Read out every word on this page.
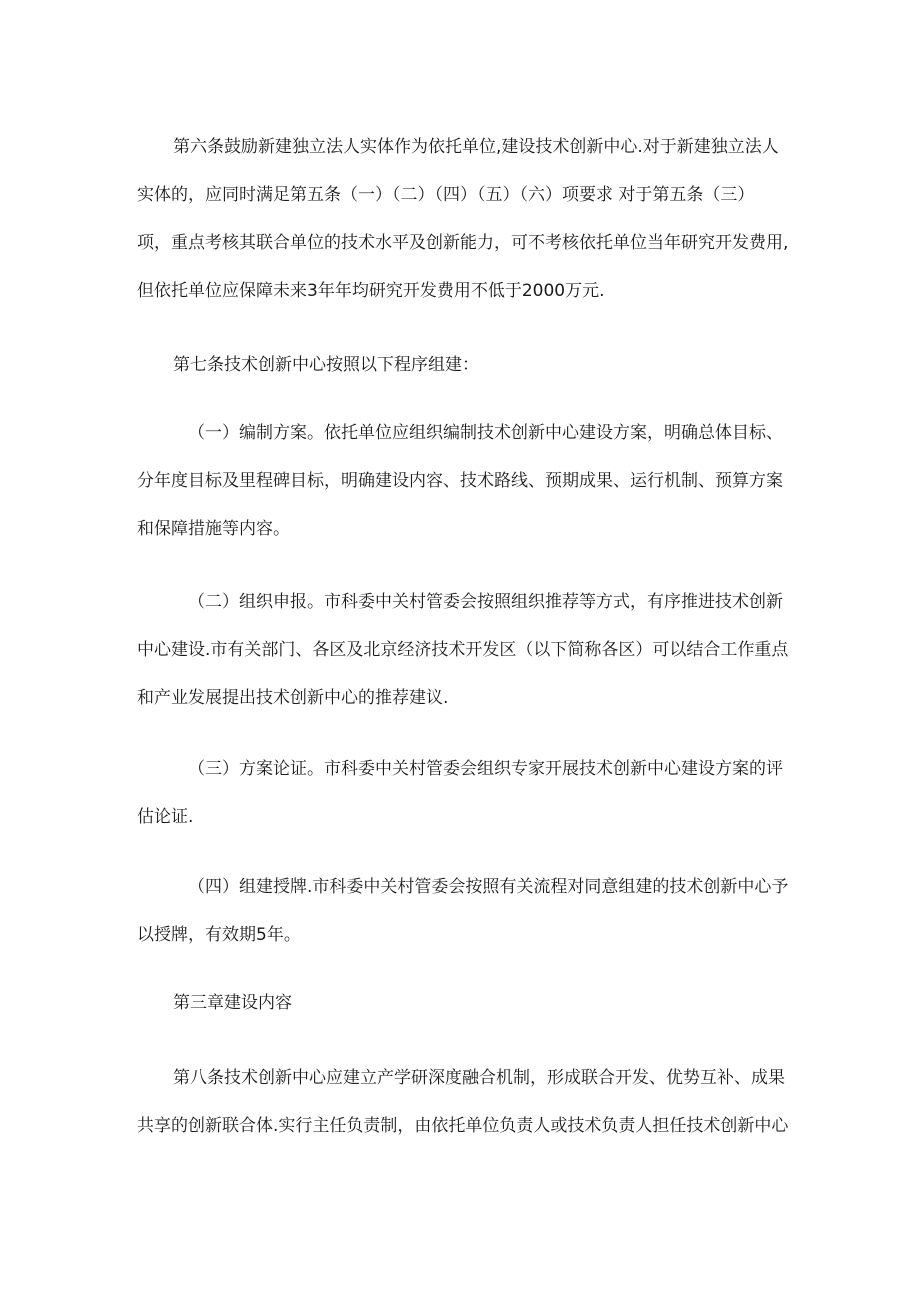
第六条鼓励新建独立法人实体作为依托单位,建设技术创新中心.对于新建独立法人
实体的，应同时满足第五条（一）（二）（四）（五）（六）项要求 对于第五条（三）
项，重点考核其联合单位的技术水平及创新能力，可不考核依托单位当年研究开发费用,
但依托单位应保障未来3年年均研究开发费用不低于2000万元.

第七条技术创新中心按照以下程序组建：

（一）编制方案。依托单位应组织编制技术创新中心建设方案，明确总体目标、
分年度目标及里程碑目标，明确建设内容、技术路线、预期成果、运行机制、预算方案
和保障措施等内容。

（二）组织申报。市科委中关村管委会按照组织推荐等方式，有序推进技术创新
中心建设.市有关部门、各区及北京经济技术开发区（以下简称各区）可以结合工作重点
和产业发展提出技术创新中心的推荐建议.

（三）方案论证。市科委中关村管委会组织专家开展技术创新中心建设方案的评
估论证.

（四）组建授牌.市科委中关村管委会按照有关流程对同意组建的技术创新中心予
以授牌，有效期5年。

第三章建设内容

第八条技术创新中心应建立产学研深度融合机制，形成联合开发、优势互补、成果
共享的创新联合体.实行主任负责制，由依托单位负责人或技术负责人担任技术创新中心
